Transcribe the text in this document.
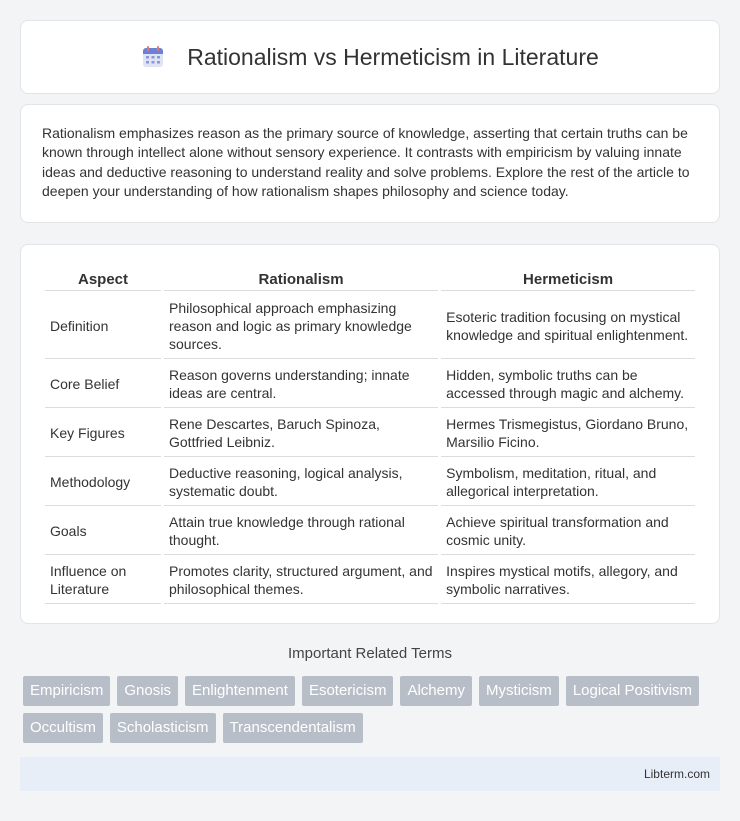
Rationalism vs Hermeticism in Literature

Rationalism emphasizes reason as the primary source of knowledge, asserting that certain truths can be known through intellect alone without sensory experience. It contrasts with empiricism by valuing innate ideas and deductive reasoning to understand reality and solve problems. Explore the rest of the article to deepen your understanding of how rationalism shapes philosophy and science today.

Aspect	Rationalism	Hermeticism
Definition	Philosophical approach emphasizing reason and logic as primary knowledge sources.	Esoteric tradition focusing on mystical knowledge and spiritual enlightenment.
Core Belief	Reason governs understanding; innate ideas are central.	Hidden, symbolic truths can be accessed through magic and alchemy.
Key Figures	Rene Descartes, Baruch Spinoza, Gottfried Leibniz.	Hermes Trismegistus, Giordano Bruno, Marsilio Ficino.
Methodology	Deductive reasoning, logical analysis, systematic doubt.	Symbolism, meditation, ritual, and allegorical interpretation.
Goals	Attain true knowledge through rational thought.	Achieve spiritual transformation and cosmic unity.
Influence on Literature	Promotes clarity, structured argument, and philosophical themes.	Inspires mystical motifs, allegory, and symbolic narratives.
Important Related Terms
Empiricism	Gnosis	Enlightenment	Esotericism	Alchemy	Mysticism	Logical Positivism
Occultism	Scholasticism	Transcendentalism
Libterm.com
